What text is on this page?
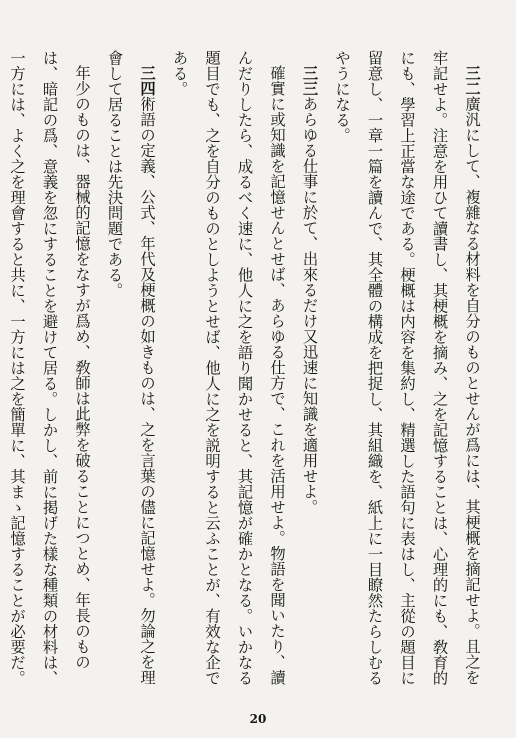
三二廣汎にして、複雜なる材料を自分のものとせんが爲には、其梗概を摘記せよ。且之を牢記せよ。注意を用ひて讀書し、其梗概を摘み、之を記憶することは、心理的にも、敎育的にも、學習上正當な途である。梗概は内容を集約し、精選した語句に表はし、主從の題目に留意し、一章一篇を讀んで、其全體の構成を把捉し、其組織を、紙上に一目瞭然たらしむるやうになる。
三三あらゆる仕事に於て、出來るだけ又迅速に知識を適用せよ。
確實に或知識を記憶せんとせば、あらゆる仕方で、これを活用せよ。物語を聞いたり、讀んだりしたら、成るべく速に、他人に之を語り聞かせると、其記憶が確かとなる。いかなる題目でも、之を自分のものとしようとせば、他人に之を説明すると云ふことが、有效な企である。
三四術語の定義、公式、年代及梗概の如きものは、之を言葉の儘に記憶せよ。勿論之を理會して居ることは先決問題である。
年少のものは、器械的記憶をなすが爲め、敎師は此弊を破ることにつとめ、年長のものは、暗記の爲、意義を忽にすることを避けて居る。しかし、前に掲げた樣な種類の材料は、一方には、よく之を理會すると共に、一方には之を簡單に、其まゝ記憶することが必要だ。
20
